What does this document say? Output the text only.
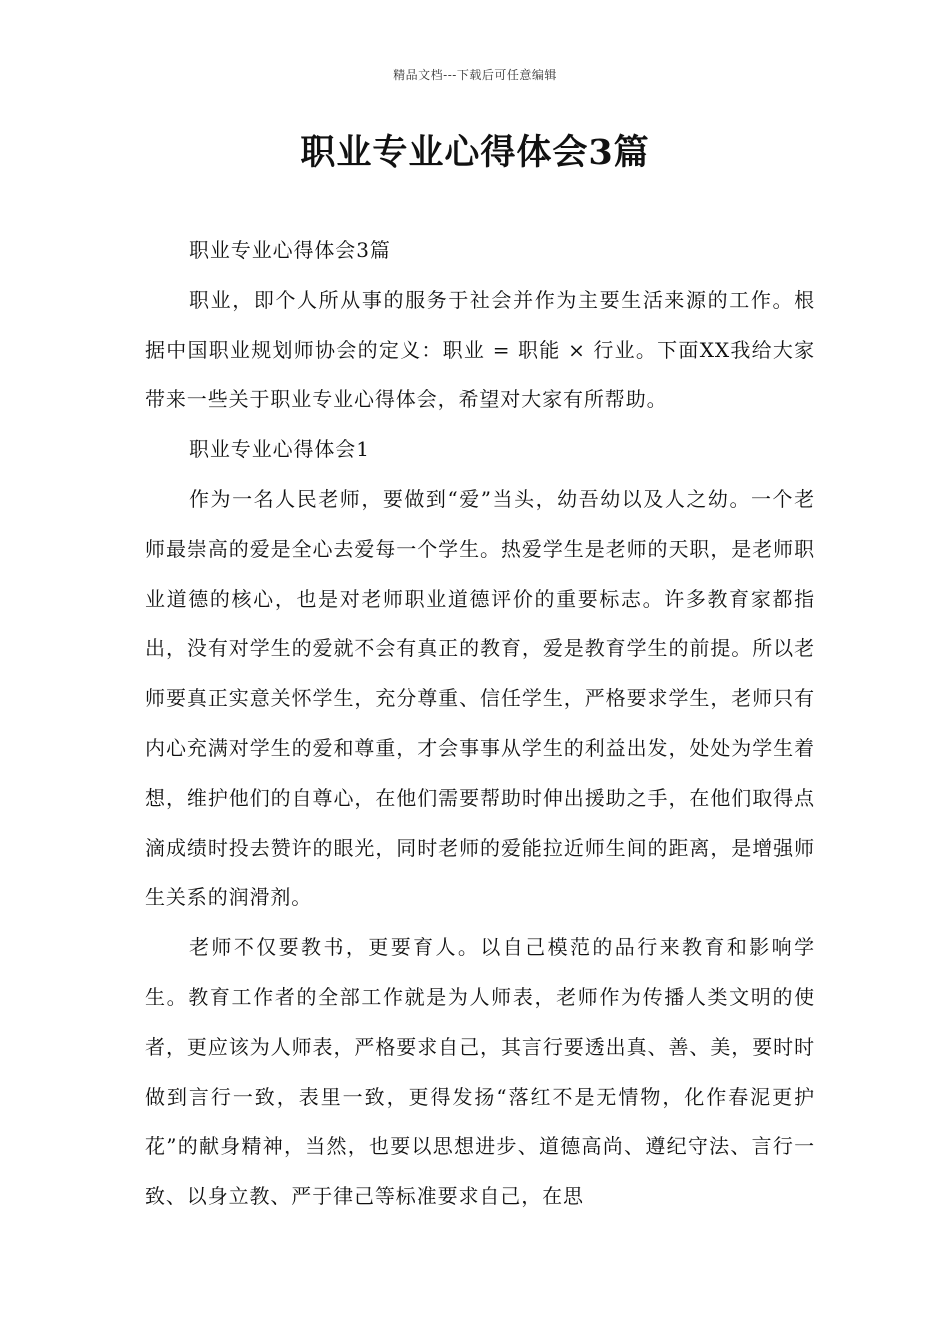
精品文档---下载后可任意编辑
职业专业心得体会3篇

职业专业心得体会3篇

职业，即个人所从事的服务于社会并作为主要生活来源的工作。根据中国职业规划师协会的定义：职业 = 职能 × 行业。下面XX我给大家带来一些关于职业专业心得体会，希望对大家有所帮助。

职业专业心得体会1

作为一名人民老师，要做到“爱”当头，幼吾幼以及人之幼。一个老师最崇高的爱是全心去爱每一个学生。热爱学生是老师的天职，是老师职业道德的核心，也是对老师职业道德评价的重要标志。许多教育家都指出，没有对学生的爱就不会有真正的教育，爱是教育学生的前提。所以老师要真正实意关怀学生，充分尊重、信任学生，严格要求学生，老师只有内心充满对学生的爱和尊重，才会事事从学生的利益出发，处处为学生着想，维护他们的自尊心，在他们需要帮助时伸出援助之手，在他们取得点滴成绩时投去赞许的眼光，同时老师的爱能拉近师生间的距离，是增强师生关系的润滑剂。

老师不仅要教书，更要育人。以自己模范的品行来教育和影响学生。教育工作者的全部工作就是为人师表，老师作为传播人类文明的使者，更应该为人师表，严格要求自己，其言行要透出真、善、美，要时时做到言行一致，表里一致，更得发扬“落红不是无情物，化作春泥更护花”的献身精神，当然，也要以思想进步、道德高尚、遵纪守法、言行一致、以身立教、严于律己等标准要求自己，在思
